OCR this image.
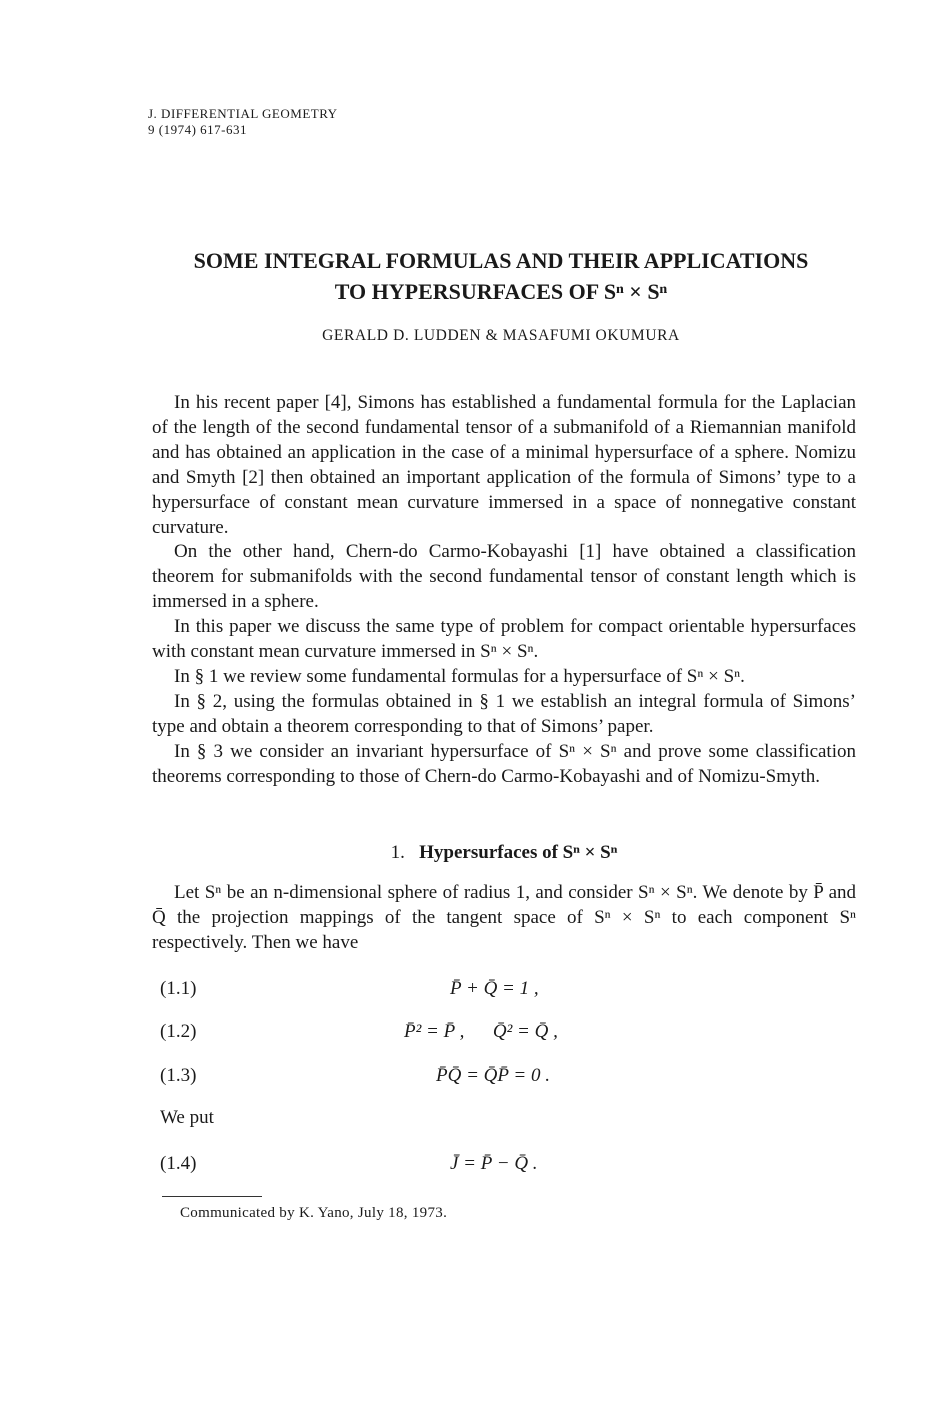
J. DIFFERENTIAL GEOMETRY
9 (1974) 617-631
SOME INTEGRAL FORMULAS AND THEIR APPLICATIONS
TO HYPERSURFACES OF Sⁿ × Sⁿ
GERALD D. LUDDEN & MASAFUMI OKUMURA
In his recent paper [4], Simons has established a fundamental formula for the Laplacian of the length of the second fundamental tensor of a submanifold of a Riemannian manifold and has obtained an application in the case of a minimal hypersurface of a sphere. Nomizu and Smyth [2] then obtained an important application of the formula of Simons’ type to a hypersurface of constant mean curvature immersed in a space of nonnegative constant curvature.
On the other hand, Chern-do Carmo-Kobayashi [1] have obtained a classification theorem for submanifolds with the second fundamental tensor of constant length which is immersed in a sphere.
In this paper we discuss the same type of problem for compact orientable hypersurfaces with constant mean curvature immersed in Sⁿ × Sⁿ.
In § 1 we review some fundamental formulas for a hypersurface of Sⁿ × Sⁿ.
In § 2, using the formulas obtained in § 1 we establish an integral formula of Simons’ type and obtain a theorem corresponding to that of Simons’ paper.
In § 3 we consider an invariant hypersurface of Sⁿ × Sⁿ and prove some classification theorems corresponding to those of Chern-do Carmo-Kobayashi and of Nomizu-Smyth.
1. Hypersurfaces of Sⁿ × Sⁿ
Let Sⁿ be an n-dimensional sphere of radius 1, and consider Sⁿ × Sⁿ. We denote by P̄ and Q̄ the projection mappings of the tangent space of Sⁿ × Sⁿ to each component Sⁿ respectively. Then we have
(1.1)	P̄ + Q̄ = 1 ,
(1.2)	P̄² = P̄ ,      Q̄² = Q̄ ,
(1.3)	P̄Q̄ = Q̄P̄ = 0 .
We put
(1.4)	J̄ = P̄ − Q̄ .
Communicated by K. Yano, July 18, 1973.
